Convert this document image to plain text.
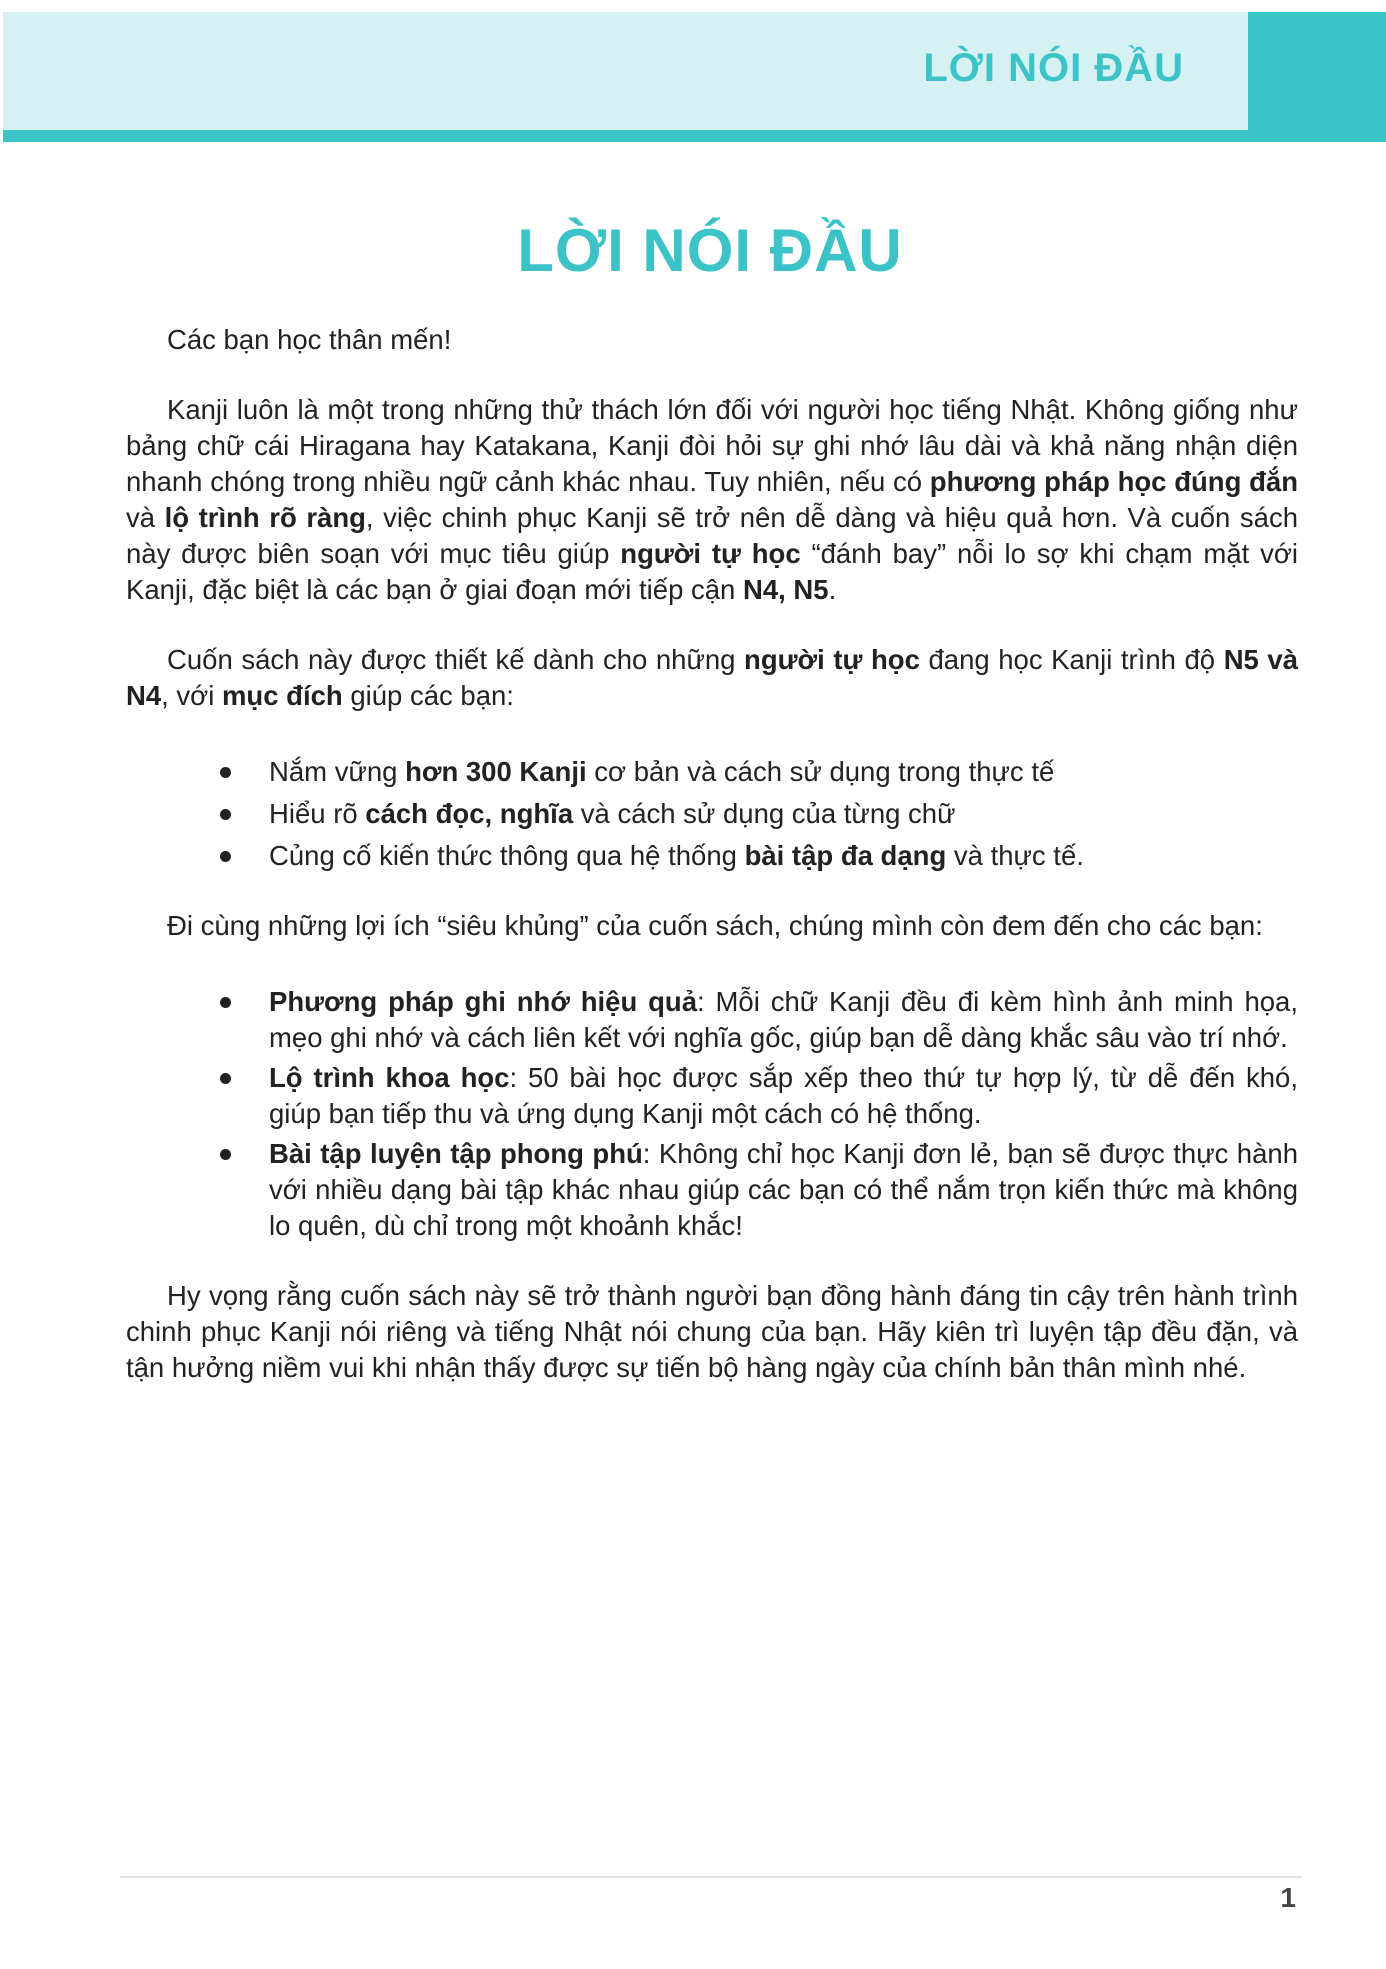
LỜI NÓI ĐẦU
LỜI NÓI ĐẦU

Các bạn học thân mến!

Kanji luôn là một trong những thử thách lớn đối với người học tiếng Nhật. Không giống như bảng chữ cái Hiragana hay Katakana, Kanji đòi hỏi sự ghi nhớ lâu dài và khả năng nhận diện nhanh chóng trong nhiều ngữ cảnh khác nhau. Tuy nhiên, nếu có phương pháp học đúng đắn và lộ trình rõ ràng, việc chinh phục Kanji sẽ trở nên dễ dàng và hiệu quả hơn. Và cuốn sách này được biên soạn với mục tiêu giúp người tự học “đánh bay” nỗi lo sợ khi chạm mặt với Kanji, đặc biệt là các bạn ở giai đoạn mới tiếp cận N4, N5.

Cuốn sách này được thiết kế dành cho những người tự học đang học Kanji trình độ N5 và N4, với mục đích giúp các bạn:

Nắm vững hơn 300 Kanji cơ bản và cách sử dụng trong thực tế
Hiểu rõ cách đọc, nghĩa và cách sử dụng của từng chữ
Củng cố kiến thức thông qua hệ thống bài tập đa dạng và thực tế.

Đi cùng những lợi ích “siêu khủng” của cuốn sách, chúng mình còn đem đến cho các bạn:

Phương pháp ghi nhớ hiệu quả: Mỗi chữ Kanji đều đi kèm hình ảnh minh họa, mẹo ghi nhớ và cách liên kết với nghĩa gốc, giúp bạn dễ dàng khắc sâu vào trí nhớ.
Lộ trình khoa học: 50 bài học được sắp xếp theo thứ tự hợp lý, từ dễ đến khó, giúp bạn tiếp thu và ứng dụng Kanji một cách có hệ thống.
Bài tập luyện tập phong phú: Không chỉ học Kanji đơn lẻ, bạn sẽ được thực hành với nhiều dạng bài tập khác nhau giúp các bạn có thể nắm trọn kiến thức mà không lo quên, dù chỉ trong một khoảnh khắc!

Hy vọng rằng cuốn sách này sẽ trở thành người bạn đồng hành đáng tin cậy trên hành trình chinh phục Kanji nói riêng và tiếng Nhật nói chung của bạn. Hãy kiên trì luyện tập đều đặn, và tận hưởng niềm vui khi nhận thấy được sự tiến bộ hàng ngày của chính bản thân mình nhé.

1
